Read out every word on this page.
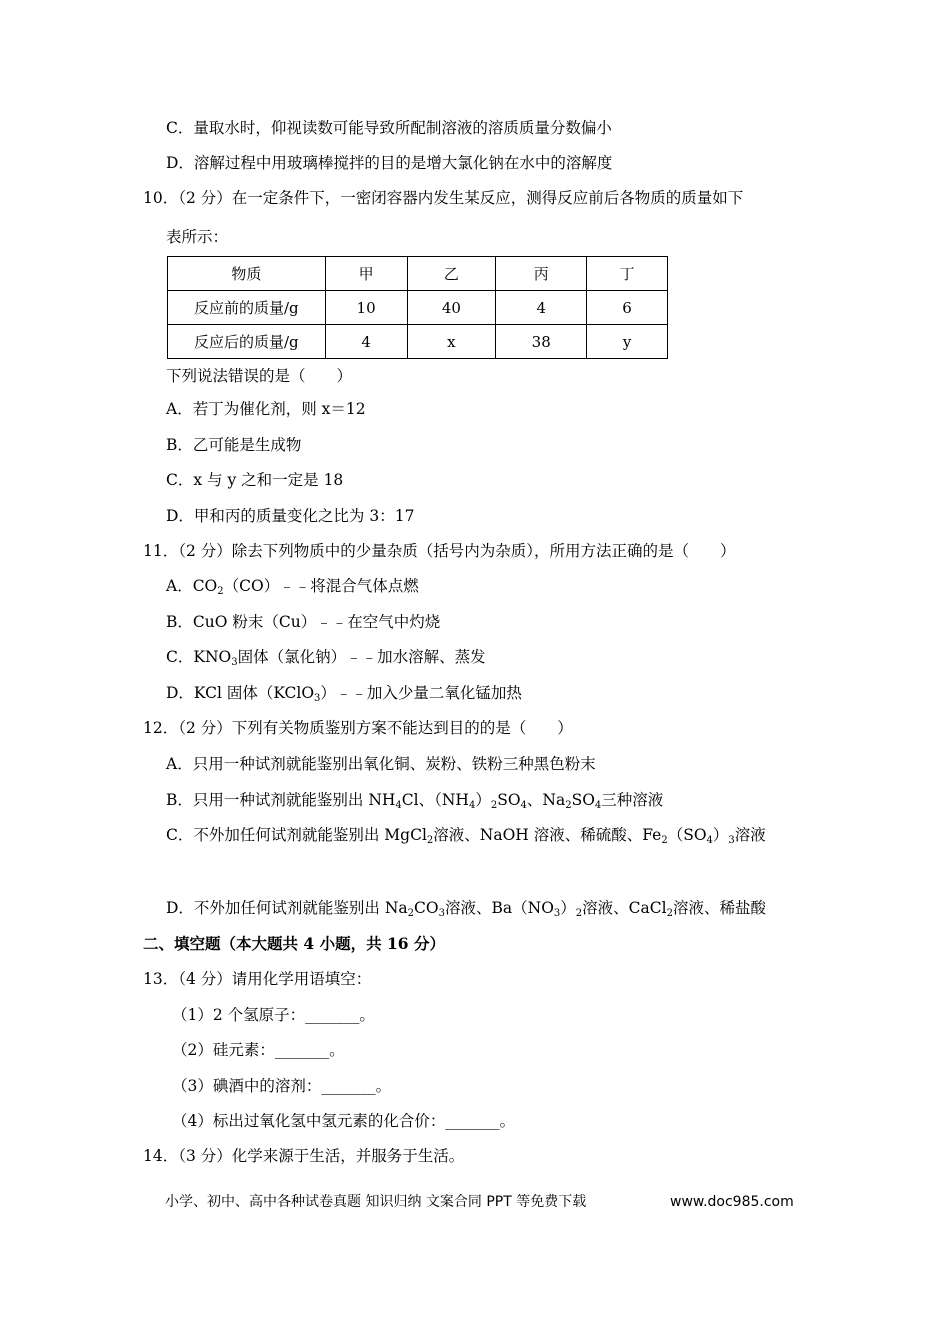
C．量取水时，仰视读数可能导致所配制溶液的溶质质量分数偏小
D．溶解过程中用玻璃棒搅拌的目的是增大氯化钠在水中的溶解度
10．（2 分）在一定条件下，一密闭容器内发生某反应，测得反应前后各物质的质量如下
表所示：
物质	甲	乙	丙	丁
反应前的质量/g	10	40	4	6
反应后的质量/g	4	x	38	y
下列说法错误的是（　　）
A．若丁为催化剂，则 x＝12
B．乙可能是生成物
C．x 与 y 之和一定是 18
D．甲和丙的质量变化之比为 3：17
11．（2 分）除去下列物质中的少量杂质（括号内为杂质），所用方法正确的是（　　）
A．$CO_2(CO)﹣﹣$将混合气体点燃
B．CuO 粉末（Cu）﹣﹣在空气中灼烧
C．$KNO_3$固体（氯化钠）﹣﹣加水溶解、蒸发
D．KCl 固体（KClO$_3$）﹣﹣加入少量二氧化锰加热
12．（2 分）下列有关物质鉴别方案不能达到目的的是（　　）
A．只用一种试剂就能鉴别出氧化铜、炭粉、铁粉三种黑色粉末
B．只用一种试剂就能鉴别出 $NH_4Cl$、$(NH_4)_2SO_4$、$Na_2SO_4$三种溶液
C．不外加任何试剂就能鉴别出 MgCl$_2$溶液、NaOH 溶液、稀硫酸、$Fe_2(SO_4)_3$溶液
D．不外加任何试剂就能鉴别出 $Na_2CO_3$溶液、$Ba(NO_3)_2$溶液、CaCl$_2$溶液、稀盐酸
二、填空题（本大题共 4 小题，共 16 分）
13．（4 分）请用化学用语填空：
（1）2 个氢原子：_______。
（2）硅元素：_______。
（3）碘酒中的溶剂：_______。
（4）标出过氧化氢中氢元素的化合价：_______。
14．（3 分）化学来源于生活，并服务于生活。
小学、初中、高中各种试卷真题 知识归纳 文案合同 PPT 等免费下载	www.doc985.com
